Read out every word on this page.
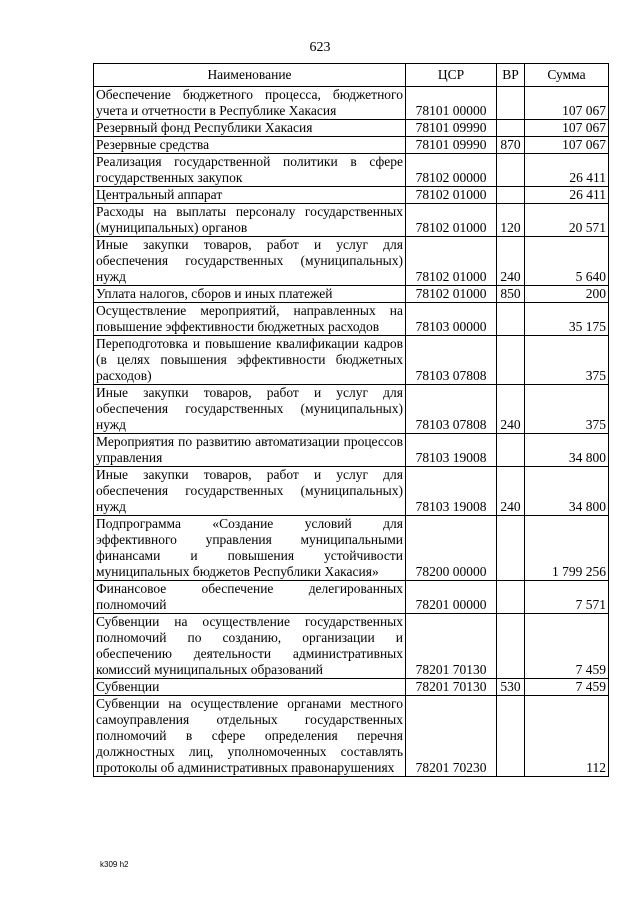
623
Наименование	ЦСР	ВР	Сумма
Обеспечение бюджетного процесса, бюджетного учета и отчетности в Республике Хакасия	78101 00000		107 067
Резервный фонд Республики Хакасия	78101 09990		107 067
Резервные средства	78101 09990	870	107 067
Реализация государственной политики в сфере государственных закупок	78102 00000		26 411
Центральный аппарат	78102 01000		26 411
Расходы на выплаты персоналу государственных (муниципальных) органов	78102 01000	120	20 571
Иные закупки товаров, работ и услуг для обеспечения государственных (муниципальных) нужд	78102 01000	240	5 640
Уплата налогов, сборов и иных платежей	78102 01000	850	200
Осуществление мероприятий, направленных на повышение эффективности бюджетных расходов	78103 00000		35 175
Переподготовка и повышение квалификации кадров (в целях повышения эффективности бюджетных расходов)	78103 07808		375
Иные закупки товаров, работ и услуг для обеспечения государственных (муниципальных) нужд	78103 07808	240	375
Мероприятия по развитию автоматизации процессов управления	78103 19008		34 800
Иные закупки товаров, работ и услуг для обеспечения государственных (муниципальных) нужд	78103 19008	240	34 800
Подпрограмма «Создание условий для эффективного управления муниципальными финансами и повышения устойчивости муниципальных бюджетов Республики Хакасия»	78200 00000		1 799 256
Финансовое обеспечение делегированных полномочий	78201 00000		7 571
Субвенции на осуществление государственных полномочий по созданию, организации и обеспечению деятельности административных комиссий муниципальных образований	78201 70130		7 459
Субвенции	78201 70130	530	7 459
Субвенции на осуществление органами местного самоуправления отдельных государственных полномочий в сфере определения перечня должностных лиц, уполномоченных составлять протоколы об административных правонарушениях	78201 70230		112
k309 h2
